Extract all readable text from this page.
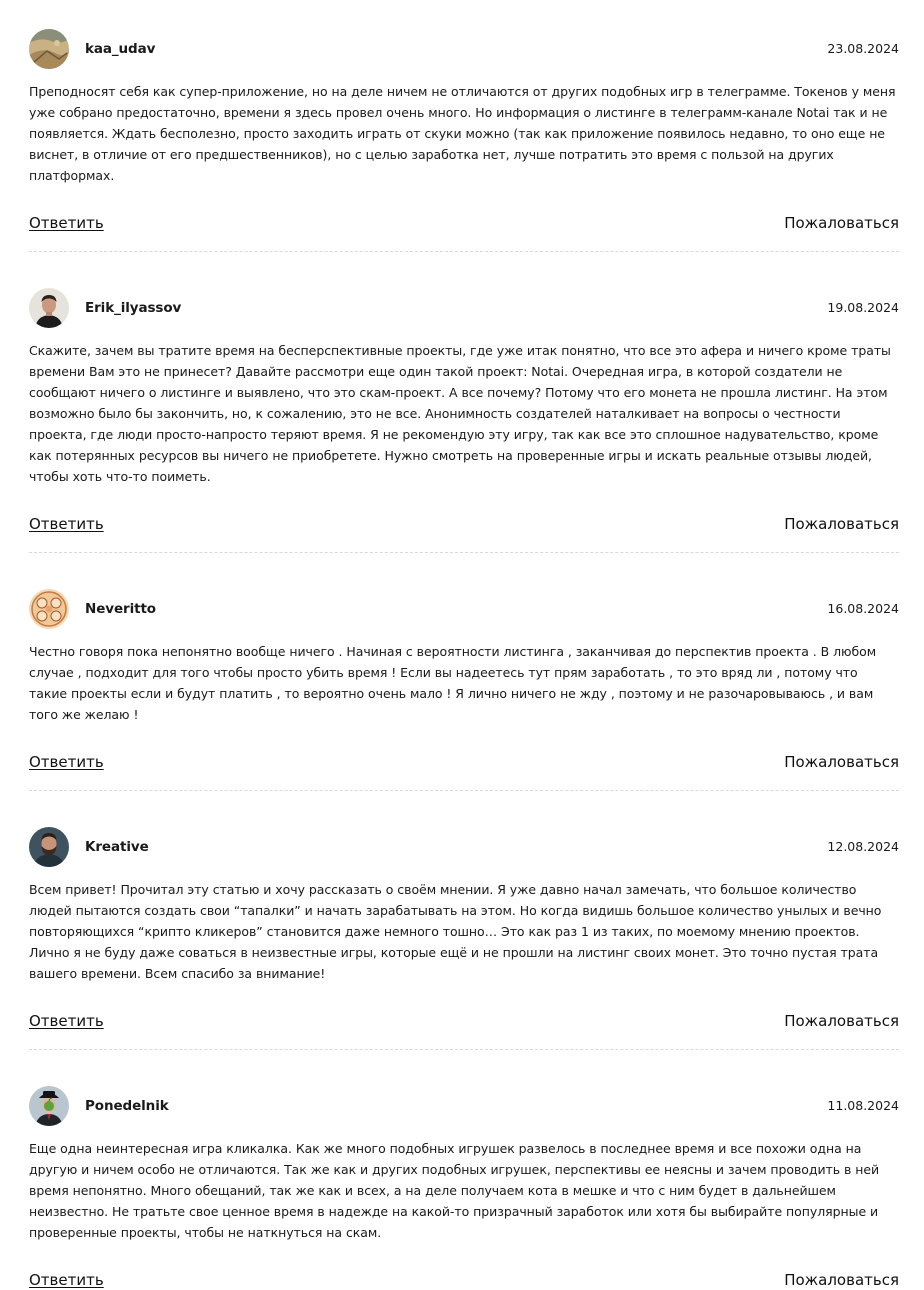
kaa_udav	23.08.2024

Преподносят себя как супер-приложение, но на деле ничем не отличаются от других подобных игр в телеграмме. Токенов у меня уже собрано предостаточно, времени я здесь провел очень много. Но информация о листинге в телеграмм-канале Notai так и не появляется. Ждать бесполезно, просто заходить играть от скуки можно (так как приложение появилось недавно, то оно еще не виснет, в отличие от его предшественников), но с целью заработка нет, лучше потратить это время с пользой на других платформах.

Ответить	Пожаловаться
Erik_ilyassov	19.08.2024

Скажите, зачем вы тратите время на бесперспективные проекты, где уже итак понятно, что все это афера и ничего кроме траты времени Вам это не принесет? Давайте рассмотри еще один такой проект: Notai. Очередная игра, в которой создатели не сообщают ничего о листинге и выявлено, что это скам-проект. А все почему? Потому что его монета не прошла листинг. На этом возможно было бы закончить, но, к сожалению, это не все. Анонимность создателей наталкивает на вопросы о честности проекта, где люди просто-напросто теряют время. Я не рекомендую эту игру, так как все это сплошное надувательство, кроме как потерянных ресурсов вы ничего не приобретете. Нужно смотреть на проверенные игры и искать реальные отзывы людей, чтобы хоть что-то поиметь.

Ответить	Пожаловаться
Neveritto	16.08.2024

Честно говоря пока непонятно вообще ничего . Начиная с вероятности листинга , заканчивая до перспектив проекта . В любом случае , подходит для того чтобы просто убить время ! Если вы надеетесь тут прям заработать , то это вряд ли , потому что такие проекты если и будут платить , то вероятно очень мало ! Я лично ничего не жду , поэтому и не разочаровываюсь , и вам того же желаю !

Ответить	Пожаловаться
Kreative	12.08.2024

Всем привет! Прочитал эту статью и хочу рассказать о своём мнении. Я уже давно начал замечать, что большое количество людей пытаются создать свои “тапалки” и начать зарабатывать на этом. Но когда видишь большое количество унылых и вечно повторяющихся “крипто кликеров” становится даже немного тошно… Это как раз 1 из таких, по моемому мнению проектов. Лично я не буду даже соваться в неизвестные игры, которые ещё и не прошли на листинг своих монет. Это точно пустая трата вашего времени. Всем спасибо за внимание!

Ответить	Пожаловаться
Ponedelnik	11.08.2024

Еще одна неинтересная игра кликалка. Как же много подобных игрушек развелось в последнее время и все похожи одна на другую и ничем особо не отличаются. Так же как и других подобных игрушек, перспективы ее неясны и зачем проводить в ней время непонятно. Много обещаний, так же как и всех, а на деле получаем кота в мешке и что с ним будет в дальнейшем неизвестно. Не тратьте свое ценное время в надежде на какой-то призрачный заработок или хотя бы выбирайте популярные и проверенные проекты, чтобы не наткнуться на скам.

Ответить	Пожаловаться
